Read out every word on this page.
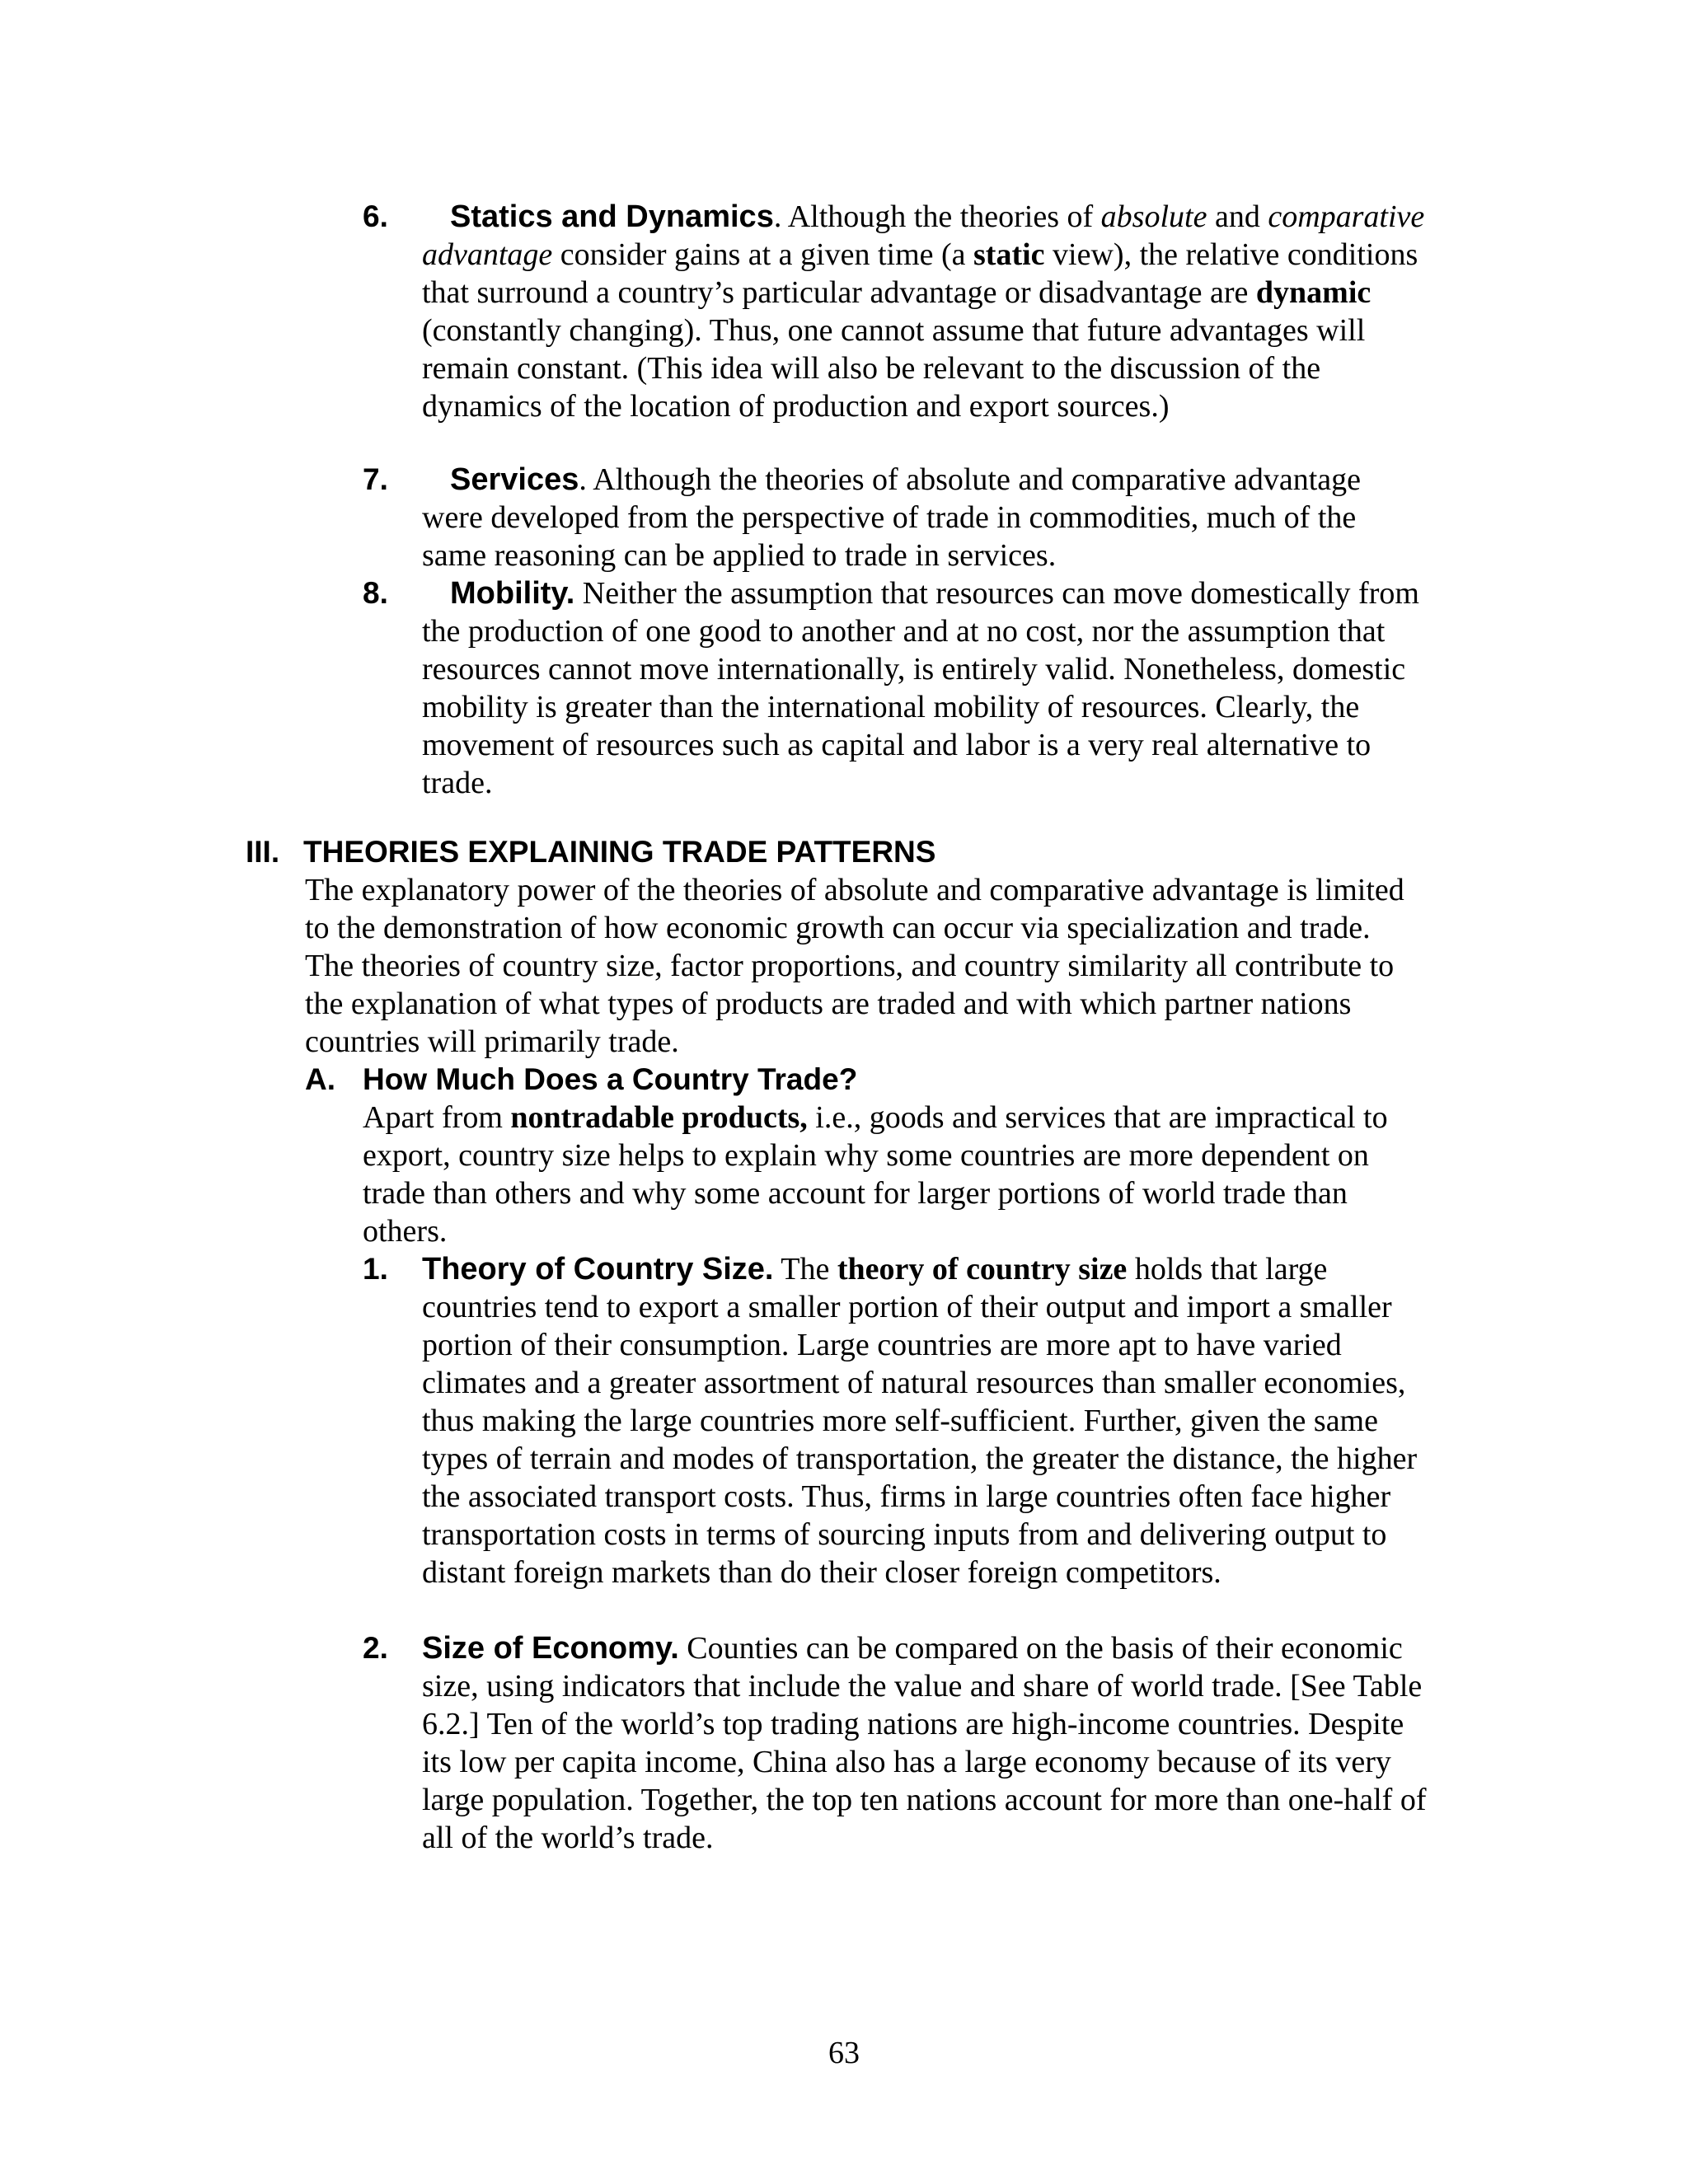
6.	Statics and Dynamics. Although the theories of absolute and comparative advantage consider gains at a given time (a static view), the relative conditions that surround a country’s particular advantage or disadvantage are dynamic (constantly changing). Thus, one cannot assume that future advantages will remain constant. (This idea will also be relevant to the discussion of the dynamics of the location of production and export sources.)
7.	Services. Although the theories of absolute and comparative advantage were developed from the perspective of trade in commodities, much of the same reasoning can be applied to trade in services.
8.	Mobility. Neither the assumption that resources can move domestically from the production of one good to another and at no cost, nor the assumption that resources cannot move internationally, is entirely valid. Nonetheless, domestic mobility is greater than the international mobility of resources. Clearly, the movement of resources such as capital and labor is a very real alternative to trade.
III. THEORIES EXPLAINING TRADE PATTERNS
The explanatory power of the theories of absolute and comparative advantage is limited to the demonstration of how economic growth can occur via specialization and trade. The theories of country size, factor proportions, and country similarity all contribute to the explanation of what types of products are traded and with which partner nations countries will primarily trade.
A. How Much Does a Country Trade?
Apart from nontradable products, i.e., goods and services that are impractical to export, country size helps to explain why some countries are more dependent on trade than others and why some account for larger portions of world trade than others.
1. Theory of Country Size. The theory of country size holds that large countries tend to export a smaller portion of their output and import a smaller portion of their consumption. Large countries are more apt to have varied climates and a greater assortment of natural resources than smaller economies, thus making the large countries more self-sufficient. Further, given the same types of terrain and modes of transportation, the greater the distance, the higher the associated transport costs. Thus, firms in large countries often face higher transportation costs in terms of sourcing inputs from and delivering output to distant foreign markets than do their closer foreign competitors.
2. Size of Economy. Counties can be compared on the basis of their economic size, using indicators that include the value and share of world trade. [See Table 6.2.] Ten of the world’s top trading nations are high-income countries. Despite its low per capita income, China also has a large economy because of its very large population. Together, the top ten nations account for more than one-half of all of the world’s trade.
63
